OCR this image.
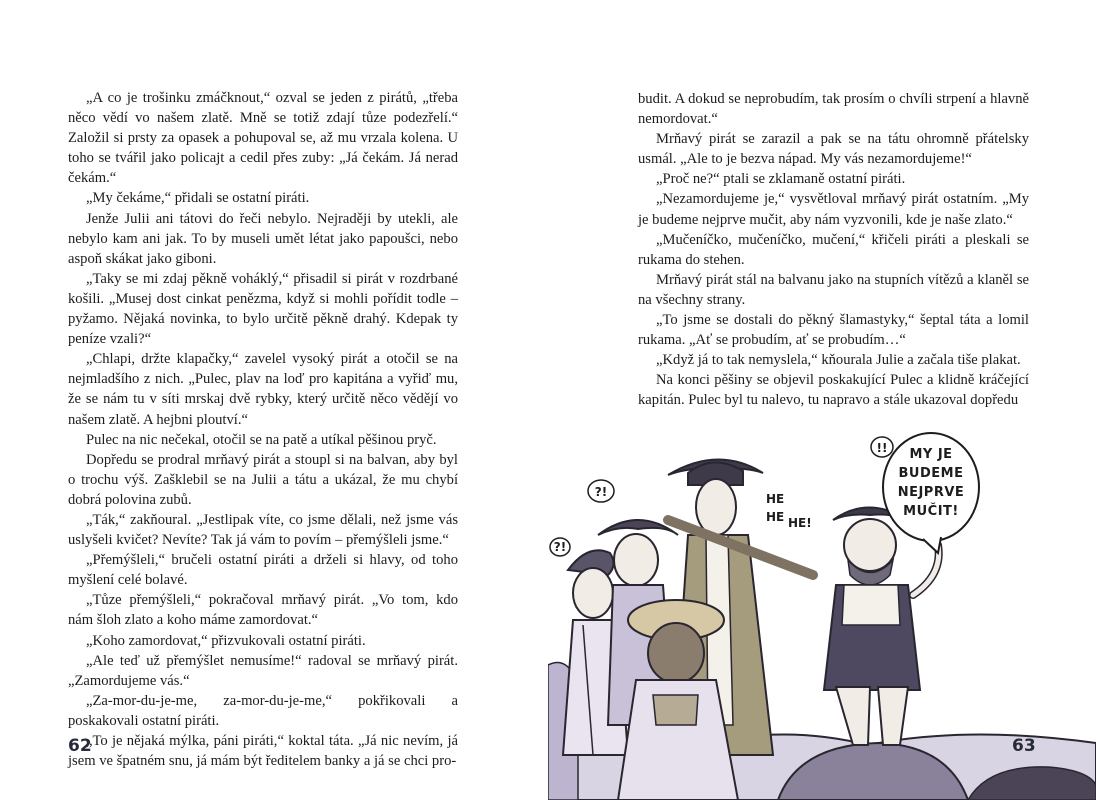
„A co je trošinku zmáčknout,“ ozval se jeden z pirátů, „třeba něco vědí vo našem zlatě. Mně se totiž zdají tůze podezřelí.“ Založil si prsty za opasek a pohupoval se, až mu vrzala kolena. U toho se tvářil jako policajt a cedil přes zuby: „Já čekám. Já nerad čekám.“

„My čekáme,“ přidali se ostatní piráti.

Jenže Julii ani tátovi do řeči nebylo. Nejraději by utekli, ale nebylo kam ani jak. To by museli umět létat jako papoušci, nebo aspoň skákat jako giboni.

„Taky se mi zdaj pěkně voháklý,“ přisadil si pirát v rozdrbané košili. „Musej dost cinkat penězma, když si mohli pořídit todle – pyžamo. Nějaká novinka, to bylo určitě pěkně drahý. Kdepak ty peníze vzali?“

„Chlapi, držte klapačky,“ zavelel vysoký pirát a otočil se na nejmladšího z nich. „Pulec, plav na loď pro kapitána a vyřiď mu, že se nám tu v síti mrskaj dvě rybky, který určitě něco vědějí vo našem zlatě. A hejbni ploutví.“

Pulec na nic nečekal, otočil se na patě a utíkal pěšinou pryč.

Dopředu se prodral mrňavý pirát a stoupl si na balvan, aby byl o trochu výš. Zašklebil se na Julii a tátu a ukázal, že mu chybí dobrá polovina zubů.

„Ták,“ zakňoural. „Jestlipak víte, co jsme dělali, než jsme vás uslyšeli kvičet? Nevíte? Tak já vám to povím – přemýšleli jsme.“

„Přemýšleli,“ bručeli ostatní piráti a drželi si hlavy, od toho myšlení celé bolavé.

„Tůze přemýšleli,“ pokračoval mrňavý pirát. „Vo tom, kdo nám šloh zlato a koho máme zamordovat.“

„Koho zamordovat,“ přizvukovali ostatní piráti.

„Ale teď už přemýšlet nemusíme!“ radoval se mrňavý pirát. „Zamordujeme vás.“

„Za-mor-du-je-me, za-mor-du-je-me,“ pokřikovali a poskakovali ostatní piráti.

„To je nějaká mýlka, páni piráti,“ koktal táta. „Já nic nevím, já jsem ve špatném snu, já mám být ředitelem banky a já se chci pro-

62

budit. A dokud se neprobudím, tak prosím o chvíli strpení a hlavně nemordovat.“

Mrňavý pirát se zarazil a pak se na tátu ohromně přátelsky usmál. „Ale to je bezva nápad. My vás nezamordujeme!“

„Proč ne?“ ptali se zklamaně ostatní piráti.

„Nezamordujeme je,“ vysvětloval mrňavý pirát ostatním. „My je budeme nejprve mučit, aby nám vyzvonili, kde je naše zlato.“

„Mučeníčko, mučeníčko, mučení,“ křičeli piráti a pleskali se rukama do stehen.

Mrňavý pirát stál na balvanu jako na stupních vítězů a klaněl se na všechny strany.

„To jsme se dostali do pěkný šlamastyky,“ šeptal táta a lomil rukama. „Ať se probudím, ať se probudím…“

„Když já to tak nemyslela,“ kňourala Julie a začala tiše plakat.

Na konci pěšiny se objevil poskakující Pulec a klidně kráčející kapitán. Pulec byl tu nalevo, tu napravo a stále ukazoval dopředu

MY JE
BUDEME
NEJPRVE
MUČIT!
!!
?!
?!
HE
HE HE!
63
